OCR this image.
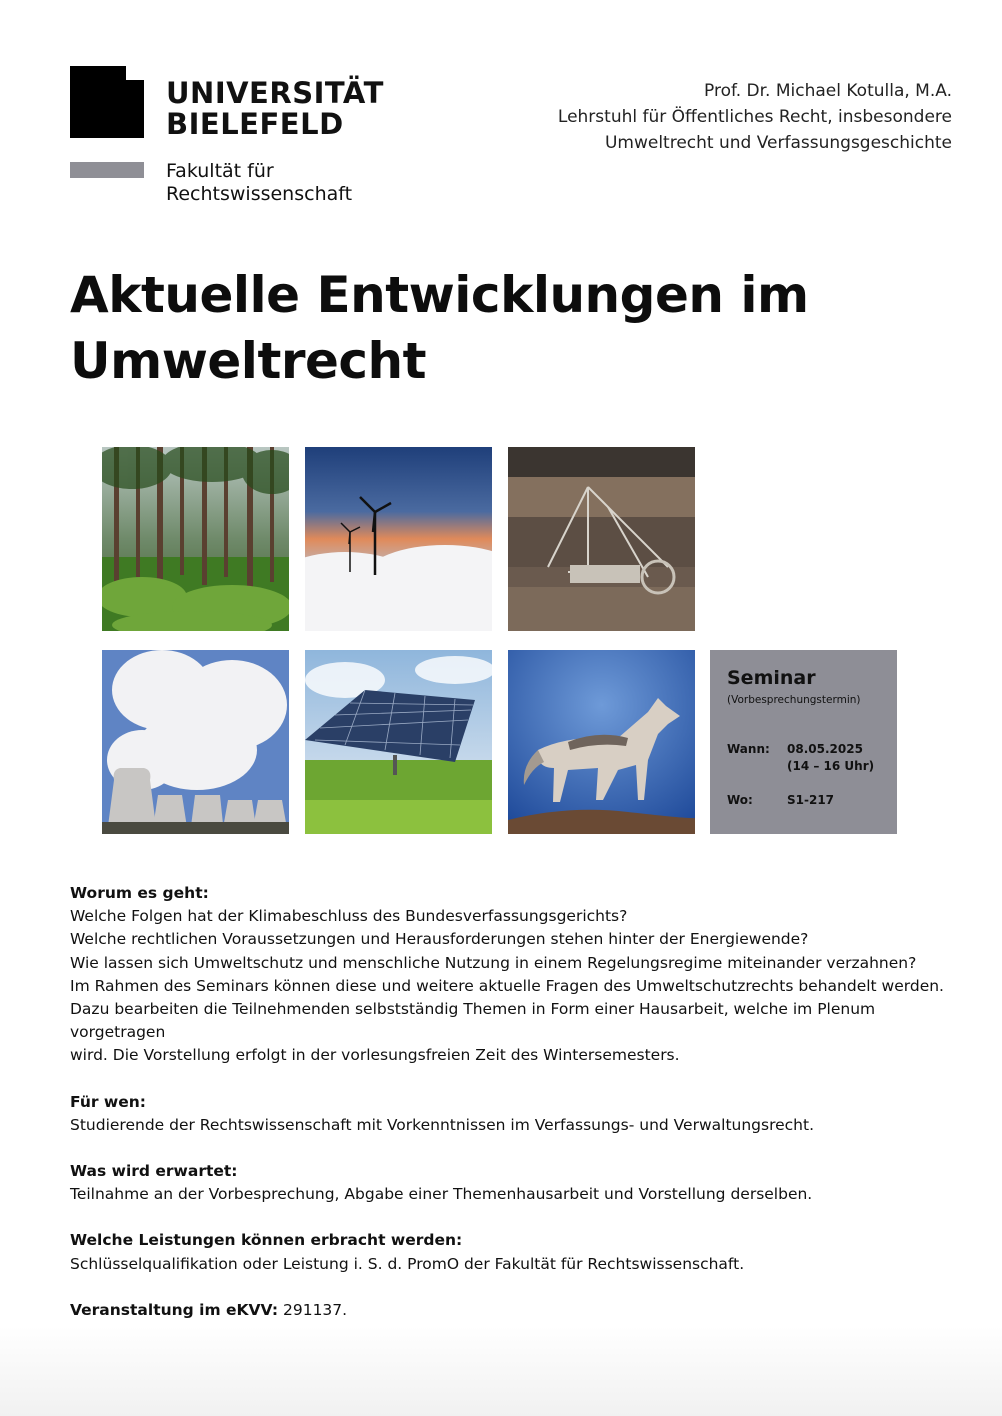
UNIVERSITÄT
BIELEFELD
Fakultät für
Rechtswissenschaft
Prof. Dr. Michael Kotulla, M.A.
Lehrstuhl für Öffentliches Recht, insbesondere
Umweltrecht und Verfassungsgeschichte
Aktuelle Entwicklungen im Umweltrecht
Seminar
(Vorbesprechungstermin)
Wann:	08.05.2025
(14 – 16 Uhr)
Wo:	S1-217
Worum es geht:

Welche Folgen hat der Klimabeschluss des Bundesverfassungsgerichts?

Welche rechtlichen Voraussetzungen und Herausforderungen stehen hinter der Energiewende?

Wie lassen sich Umweltschutz und menschliche Nutzung in einem Regelungsregime miteinander verzahnen?

Im Rahmen des Seminars können diese und weitere aktuelle Fragen des Umweltschutzrechts behandelt werden.

Dazu bearbeiten die Teilnehmenden selbstständig Themen in Form einer Hausarbeit, welche im Plenum vorgetragen

wird. Die Vorstellung erfolgt in der vorlesungsfreien Zeit des Wintersemesters.

Für wen:

Studierende der Rechtswissenschaft mit Vorkenntnissen im Verfassungs- und Verwaltungsrecht.

Was wird erwartet:

Teilnahme an der Vorbesprechung, Abgabe einer Themenhausarbeit und Vorstellung derselben.

Welche Leistungen können erbracht werden:

Schlüsselqualifikation oder Leistung i. S. d. PromO der Fakultät für Rechtswissenschaft.

Veranstaltung im eKVV: 291137.
